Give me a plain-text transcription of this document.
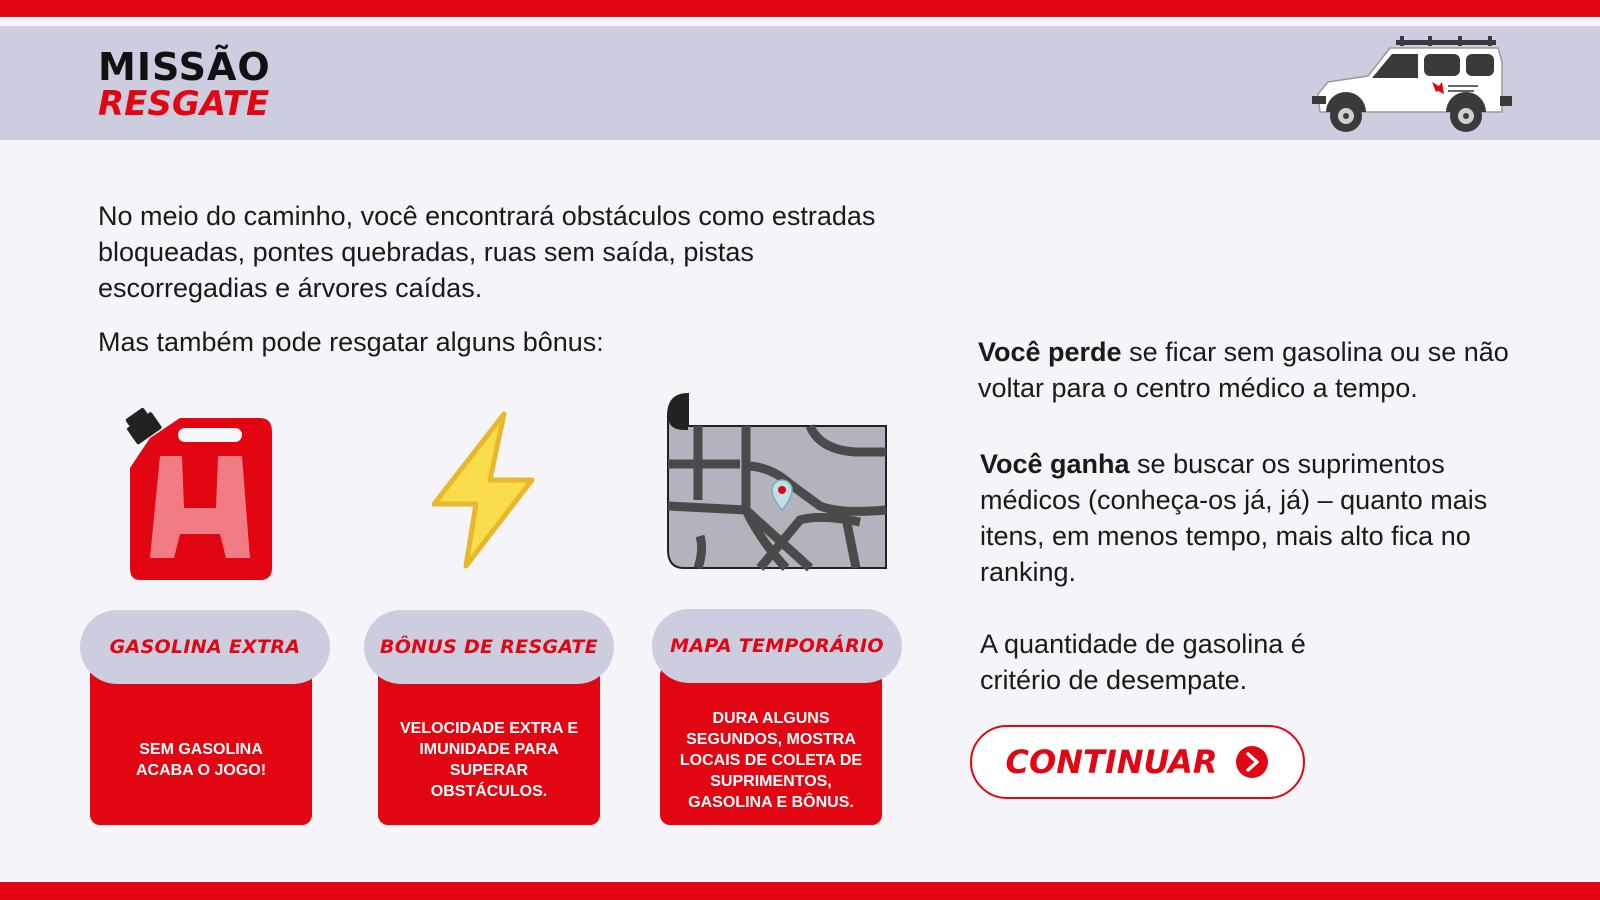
MISSÃO
RESGATE

No meio do caminho, você encontrará obstáculos como estradas bloqueadas, pontes quebradas, ruas sem saída, pistas escorregadias e árvores caídas.

Mas também pode resgatar alguns bônus:

SEM GASOLINA ACABA O JOGO!
GASOLINA EXTRA
VELOCIDADE EXTRA E IMUNIDADE PARA SUPERAR OBSTÁCULOS.
BÔNUS DE RESGATE
DURA ALGUNS SEGUNDOS, MOSTRA LOCAIS DE COLETA DE SUPRIMENTOS, GASOLINA E BÔNUS.
MAPA TEMPORÁRIO

Você perde se ficar sem gasolina ou se não voltar para o centro médico a tempo.

Você ganha se buscar os suprimentos médicos (conheça-os já, já) – quanto mais itens, em menos tempo, mais alto fica no ranking.

A quantidade de gasolina é critério de desempate.

CONTINUAR
